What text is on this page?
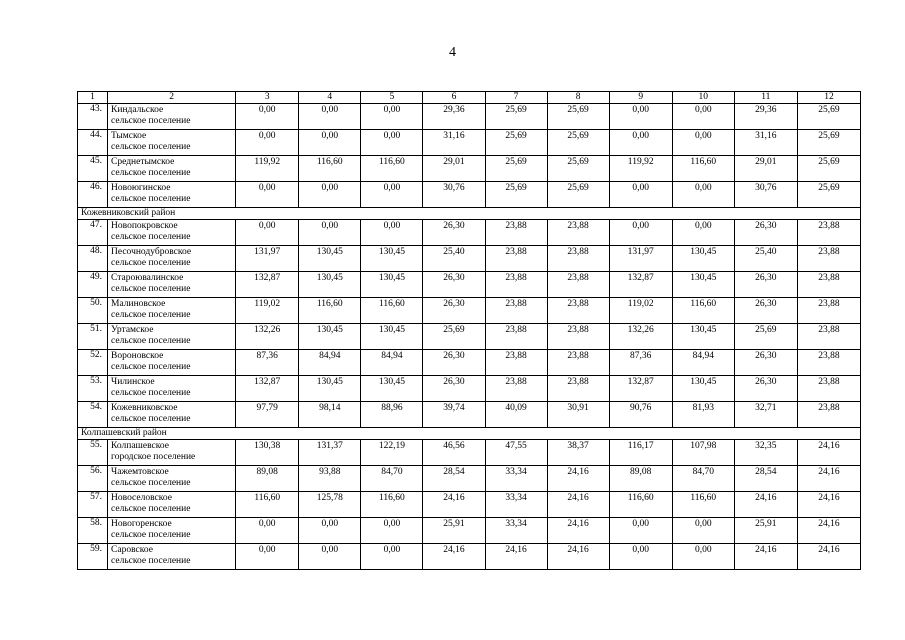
4
1	2	3	4	5	6	7	8	9	10	11	12
43.	Киндальское
сельское поселение	0,00	0,00	0,00	29,36	25,69	25,69	0,00	0,00	29,36	25,69
44.	Тымское
сельское поселение	0,00	0,00	0,00	31,16	25,69	25,69	0,00	0,00	31,16	25,69
45.	Среднетымское
сельское поселение	119,92	116,60	116,60	29,01	25,69	25,69	119,92	116,60	29,01	25,69
46.	Новоюгинское
сельское поселение	0,00	0,00	0,00	30,76	25,69	25,69	0,00	0,00	30,76	25,69
Кожевниковский район											
47.	Новопокровское
сельское поселение	0,00	0,00	0,00	26,30	23,88	23,88	0,00	0,00	26,30	23,88
48.	Песочнодубровское
сельское поселение	131,97	130,45	130,45	25,40	23,88	23,88	131,97	130,45	25,40	23,88
49.	Староювалинское
сельское поселение	132,87	130,45	130,45	26,30	23,88	23,88	132,87	130,45	26,30	23,88
50.	Малиновское
сельское поселение	119,02	116,60	116,60	26,30	23,88	23,88	119,02	116,60	26,30	23,88
51.	Уртамское
сельское поселение	132,26	130,45	130,45	25,69	23,88	23,88	132,26	130,45	25,69	23,88
52.	Вороновское
сельское поселение	87,36	84,94	84,94	26,30	23,88	23,88	87,36	84,94	26,30	23,88
53.	Чилинское
сельское поселение	132,87	130,45	130,45	26,30	23,88	23,88	132,87	130,45	26,30	23,88
54.	Кожевниковское
сельское поселение	97,79	98,14	88,96	39,74	40,09	30,91	90,76	81,93	32,71	23,88
Колпашевский район											
55.	Колпашевское
городское поселение	130,38	131,37	122,19	46,56	47,55	38,37	116,17	107,98	32,35	24,16
56.	Чажемтовское
сельское поселение	89,08	93,88	84,70	28,54	33,34	24,16	89,08	84,70	28,54	24,16
57.	Новоселовское
сельское поселение	116,60	125,78	116,60	24,16	33,34	24,16	116,60	116,60	24,16	24,16
58.	Новогоренское
сельское поселение	0,00	0,00	0,00	25,91	33,34	24,16	0,00	0,00	25,91	24,16
59.	Саровское
сельское поселение	0,00	0,00	0,00	24,16	24,16	24,16	0,00	0,00	24,16	24,16
